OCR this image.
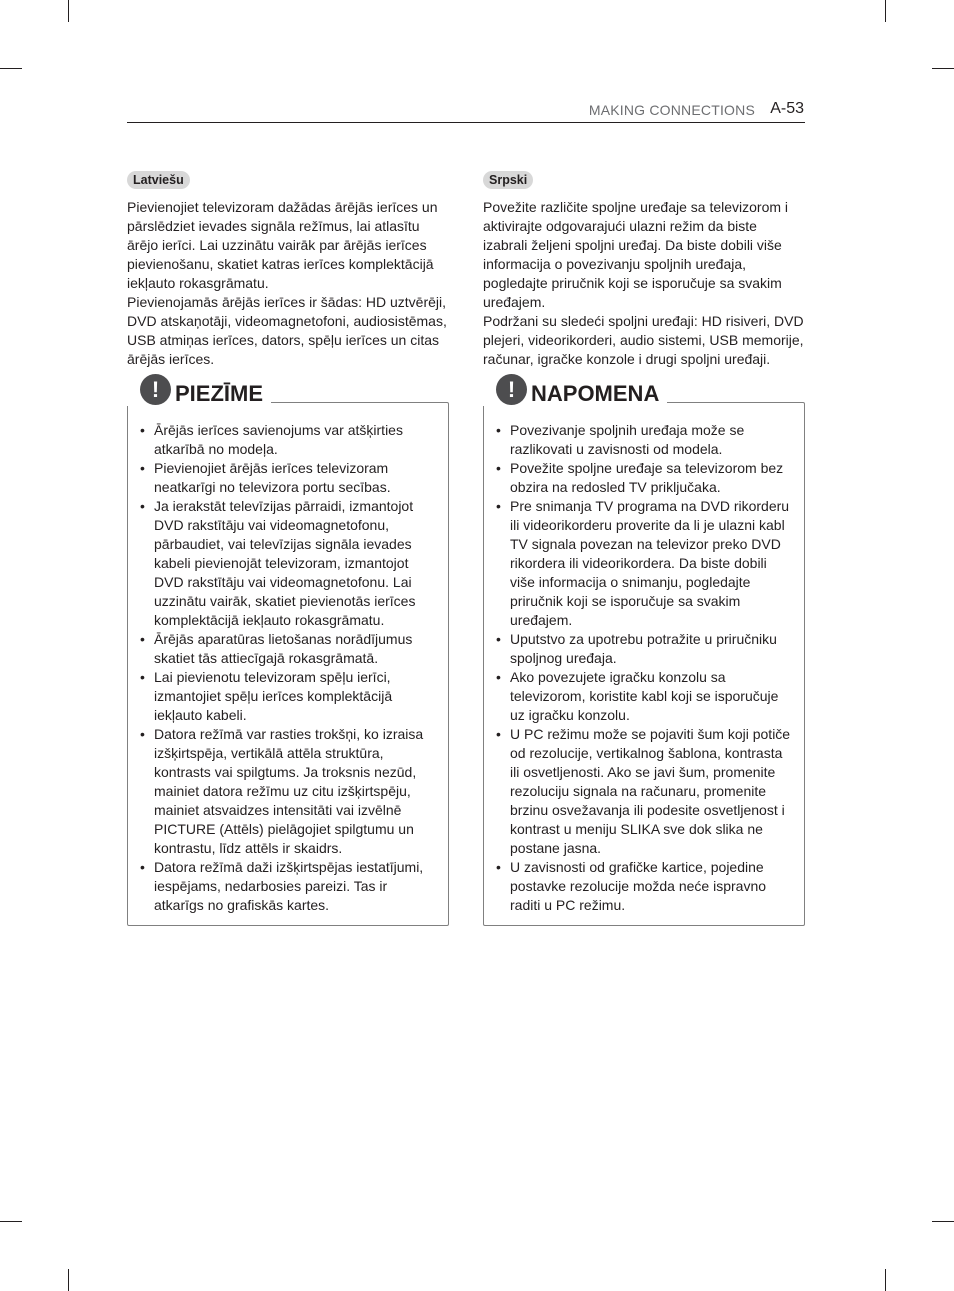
MAKING CONNECTIONS A-53
Latviešu

Pievienojiet televizoram dažādas ārējās ierīces un pārslēdziet ievades signāla režīmus, lai atlasītu ārējo ierīci. Lai uzzinātu vairāk par ārējās ierīces pievienošanu, skatiet katras ierīces komplektācijā iekļauto rokasgrāmatu.

Pievienojamās ārējās ierīces ir šādas: HD uztvērēji, DVD atskaņotāji, videomagnetofoni, audiosistēmas, USB atmiņas ierīces, dators, spēļu ierīces un citas ārējās ierīces.

• Ārējās ierīces savienojums var atšķirties atkarībā no modeļa.
• Pievienojiet ārējās ierīces televizoram neatkarīgi no televizora portu secības.
• Ja ierakstāt televīzijas pārraidi, izmantojot DVD rakstītāju vai videomagnetofonu, pārbaudiet, vai televīzijas signāla ievades kabeli pievienojāt televizoram, izmantojot DVD rakstītāju vai videomagnetofonu. Lai uzzinātu vairāk, skatiet pievienotās ierīces komplektācijā iekļauto rokasgrāmatu.
• Ārējās aparatūras lietošanas norādījumus skatiet tās attiecīgajā rokasgrāmatā.
• Lai pievienotu televizoram spēļu ierīci, izmantojiet spēļu ierīces komplektācijā iekļauto kabeli.
• Datora režīmā var rasties trokšņi, ko izraisa izšķirtspēja, vertikālā attēla struktūra, kontrasts vai spilgtums. Ja troksnis nezūd, mainiet datora režīmu uz citu izšķirtspēju, mainiet atsvaidzes intensitāti vai izvēlnē PICTURE (Attēls) pielāgojiet spilgtumu un kontrastu, līdz attēls ir skaidrs.
• Datora režīmā daži izšķirtspējas iestatījumi, iespējams, nedarbosies pareizi. Tas ir atkarīgs no grafiskās kartes.
! PIEZĪME
Srpski

Povežite različite spoljne uređaje sa televizorom i aktivirajte odgovarajući ulazni režim da biste izabrali željeni spoljni uređaj. Da biste dobili više informacija o povezivanju spoljnih uređaja, pogledajte priručnik koji se isporučuje sa svakim uređajem.

Podržani su sledeći spoljni uređaji: HD risiveri, DVD plejeri, videorikorderi, audio sistemi, USB memorije, računar, igračke konzole i drugi spoljni uređaji.

• Povezivanje spoljnih uređaja može se razlikovati u zavisnosti od modela.
• Povežite spoljne uređaje sa televizorom bez obzira na redosled TV priključaka.
• Pre snimanja TV programa na DVD rikorderu ili videorikorderu proverite da li je ulazni kabl TV signala povezan na televizor preko DVD rikordera ili videorikordera. Da biste dobili više informacija o snimanju, pogledajte priručnik koji se isporučuje sa svakim uređajem.
• Uputstvo za upotrebu potražite u priručniku spoljnog uređaja.
• Ako povezujete igračku konzolu sa televizorom, koristite kabl koji se isporučuje uz igračku konzolu.
• U PC režimu može se pojaviti šum koji potiče od rezolucije, vertikalnog šablona, kontrasta ili osvetljenosti. Ako se javi šum, promenite rezoluciju signala na računaru, promenite brzinu osvežavanja ili podesite osvetljenost i kontrast u meniju SLIKA sve dok slika ne postane jasna.
• U zavisnosti od grafičke kartice, pojedine postavke rezolucije možda neće ispravno raditi u PC režimu.
! NAPOMENA
